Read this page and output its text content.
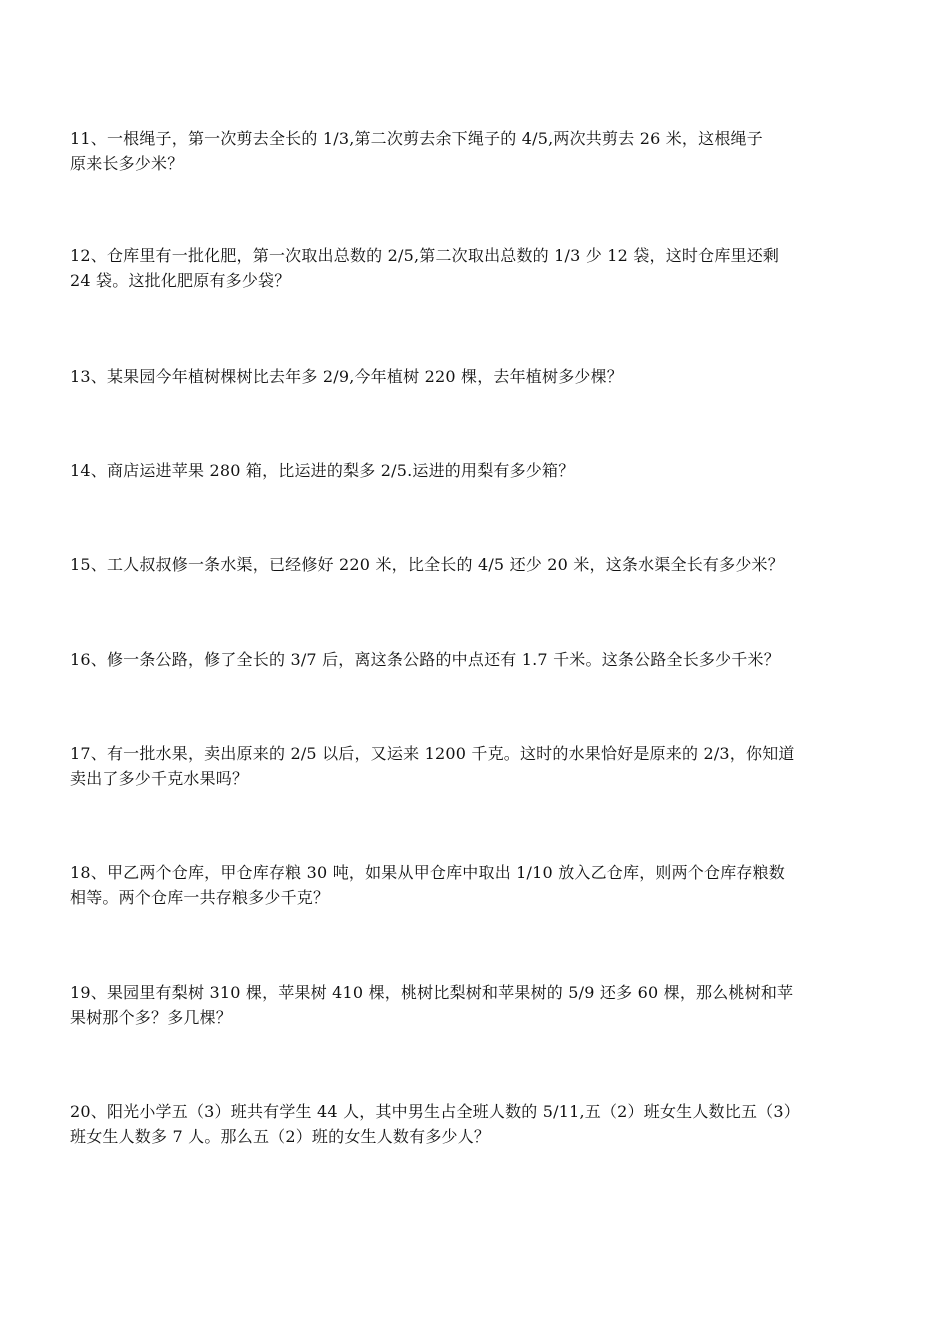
11、一根绳子，第一次剪去全长的 1/3,第二次剪去余下绳子的 4/5,两次共剪去 26 米，这根绳子
原来长多少米？
12、仓库里有一批化肥，第一次取出总数的 2/5,第二次取出总数的 1/3 少 12 袋，这时仓库里还剩
24 袋。这批化肥原有多少袋？
13、某果园今年植树棵树比去年多 2/9,今年植树 220 棵，去年植树多少棵？
14、商店运进苹果 280 箱，比运进的梨多 2/5.运进的用梨有多少箱？
15、工人叔叔修一条水渠，已经修好 220 米，比全长的 4/5 还少 20 米，这条水渠全长有多少米？
16、修一条公路，修了全长的 3/7 后，离这条公路的中点还有 1.7 千米。这条公路全长多少千米？
17、有一批水果，卖出原来的 2/5 以后，又运来 1200 千克。这时的水果恰好是原来的 2/3，你知道
卖出了多少千克水果吗？
18、甲乙两个仓库，甲仓库存粮 30 吨，如果从甲仓库中取出 1/10 放入乙仓库，则两个仓库存粮数
相等。两个仓库一共存粮多少千克？
19、果园里有梨树 310 棵，苹果树 410 棵，桃树比梨树和苹果树的 5/9 还多 60 棵，那么桃树和苹
果树那个多？多几棵？
20、阳光小学五（3）班共有学生 44 人，其中男生占全班人数的 5/11,五（2）班女生人数比五（3）
班女生人数多 7 人。那么五（2）班的女生人数有多少人？
